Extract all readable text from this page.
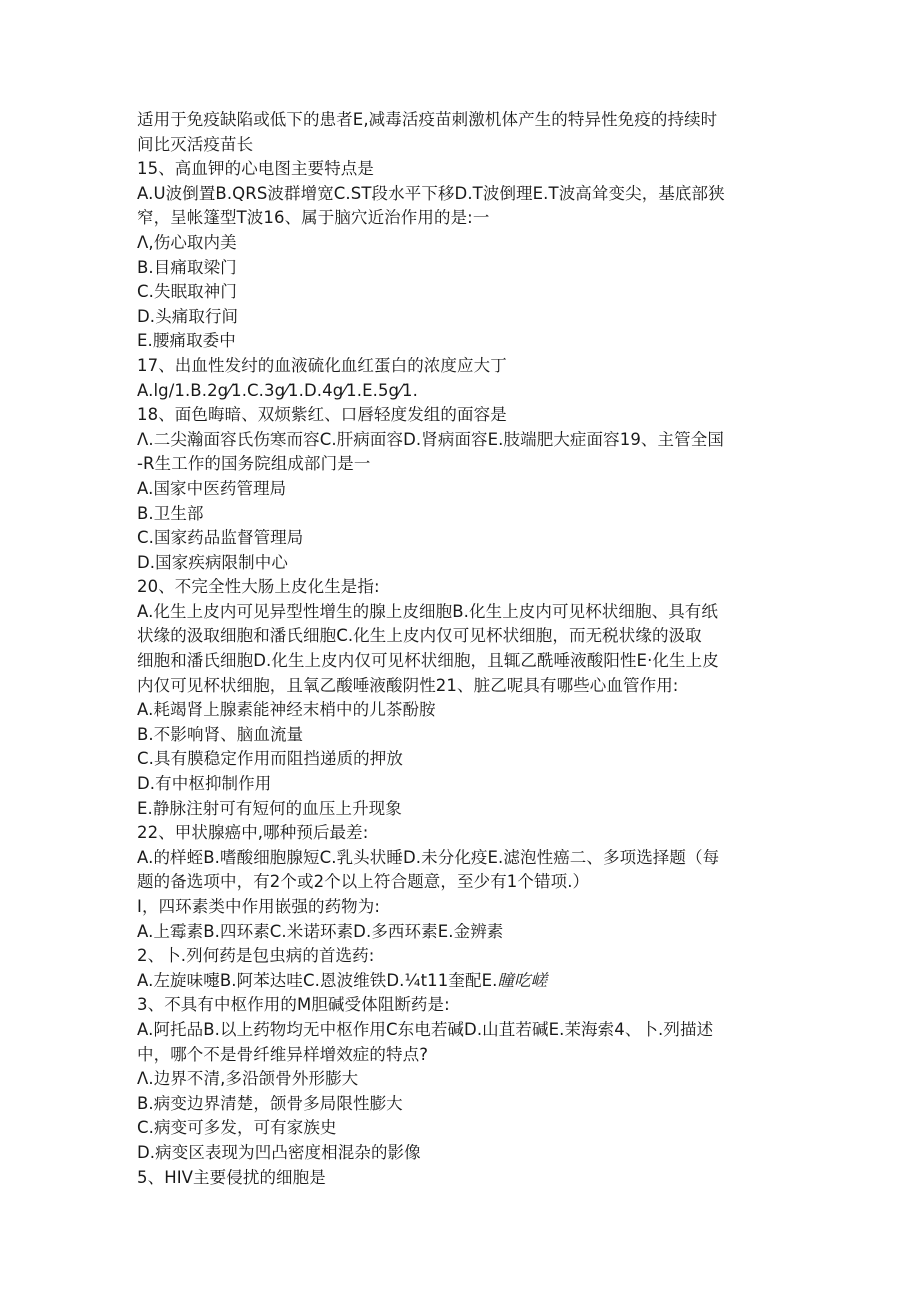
适用于免疫缺陷或低下的患者E,减毒活疫苗刺激机体产生的特异性免疫的持续时
间比灭活疫苗长
15、高血钾的心电图主要特点是
A.U波倒置B.QRS波群增宽C.ST段水平下移D.T波倒理E.T波高耸变尖，基底部狭
窄，呈帐篷型T波16、属于脑穴近治作用的是:一
Λ,伤心取内美
B.目痛取梁门
C.失眠取神门
D.头痛取行间
E.腰痛取委中
17、出血性发纣的血液硫化血红蛋白的浓度应大丁
A.lg/1.B.2g⁄1.C.3g⁄1.D.4g⁄1.E.5g⁄1.
18、面色晦暗、双烦紫红、口唇轻度发组的面容是
Λ.二尖瀚面容氏伤寒而容C.肝病面容D.肾病面容E.肢端肥大症面容19、主管全国
-R生工作的国务院组成部门是一
A.国家中医药管理局
B.卫生部
C.国家药品监督管理局
D.国家疾病限制中心
20、不完全性大肠上皮化生是指:
A.化生上皮内可见异型性增生的腺上皮细胞B.化生上皮内可见杯状细胞、具有纸
状缘的汲取细胞和潘氏细胞C.化生上皮内仅可见杯状细胞，而无税状缘的汲取
细胞和潘氏细胞D.化生上皮内仅可见杯状细胞，且辄乙酰唾液酸阳性E·化生上皮
内仅可见杯状细胞，且氧乙酸唾液酸阴性21、脏乙呢具有哪些心血管作用:
A.耗竭肾上腺素能神经末梢中的儿茶酚胺
B.不影响肾、脑血流量
C.具有膜稳定作用而阻挡递质的押放
D.有中枢抑制作用
E.静脉注射可有短何的血压上升现象
22、甲状腺癌中,哪种预后最差:
A.的样蛭B.嗜酸细胞腺短C.乳头状睡D.未分化疫E.滤泡性癌二、多项选择题（每
题的备选项中，有2个或2个以上符合题意，至少有1个错项.）
I，四环素类中作用嵌强的药物为:
A.上霉素B.四环素C.米诺环素D.多西环素E.金辨素
2、卜.列何药是包虫病的首选药:
A.左旋味嚏B.阿苯达哇C.恩波维铁D.¼t11奎配E.瞳吃嵯
3、不具有中枢作用的M胆碱受体阻断药是:
A.阿托品B.以上药物均无中枢作用C东电若碱D.山苴若碱E.茉海索4、卜.列描述
中，哪个不是骨纤维异样增效症的特点?
Λ.边界不清,多沿颌骨外形膨大
B.病变边界清楚，颌骨多局限性膨大
C.病变可多发，可有家族史
D.病变区表现为凹凸密度相混杂的影像
5、HIV主要侵扰的细胞是
